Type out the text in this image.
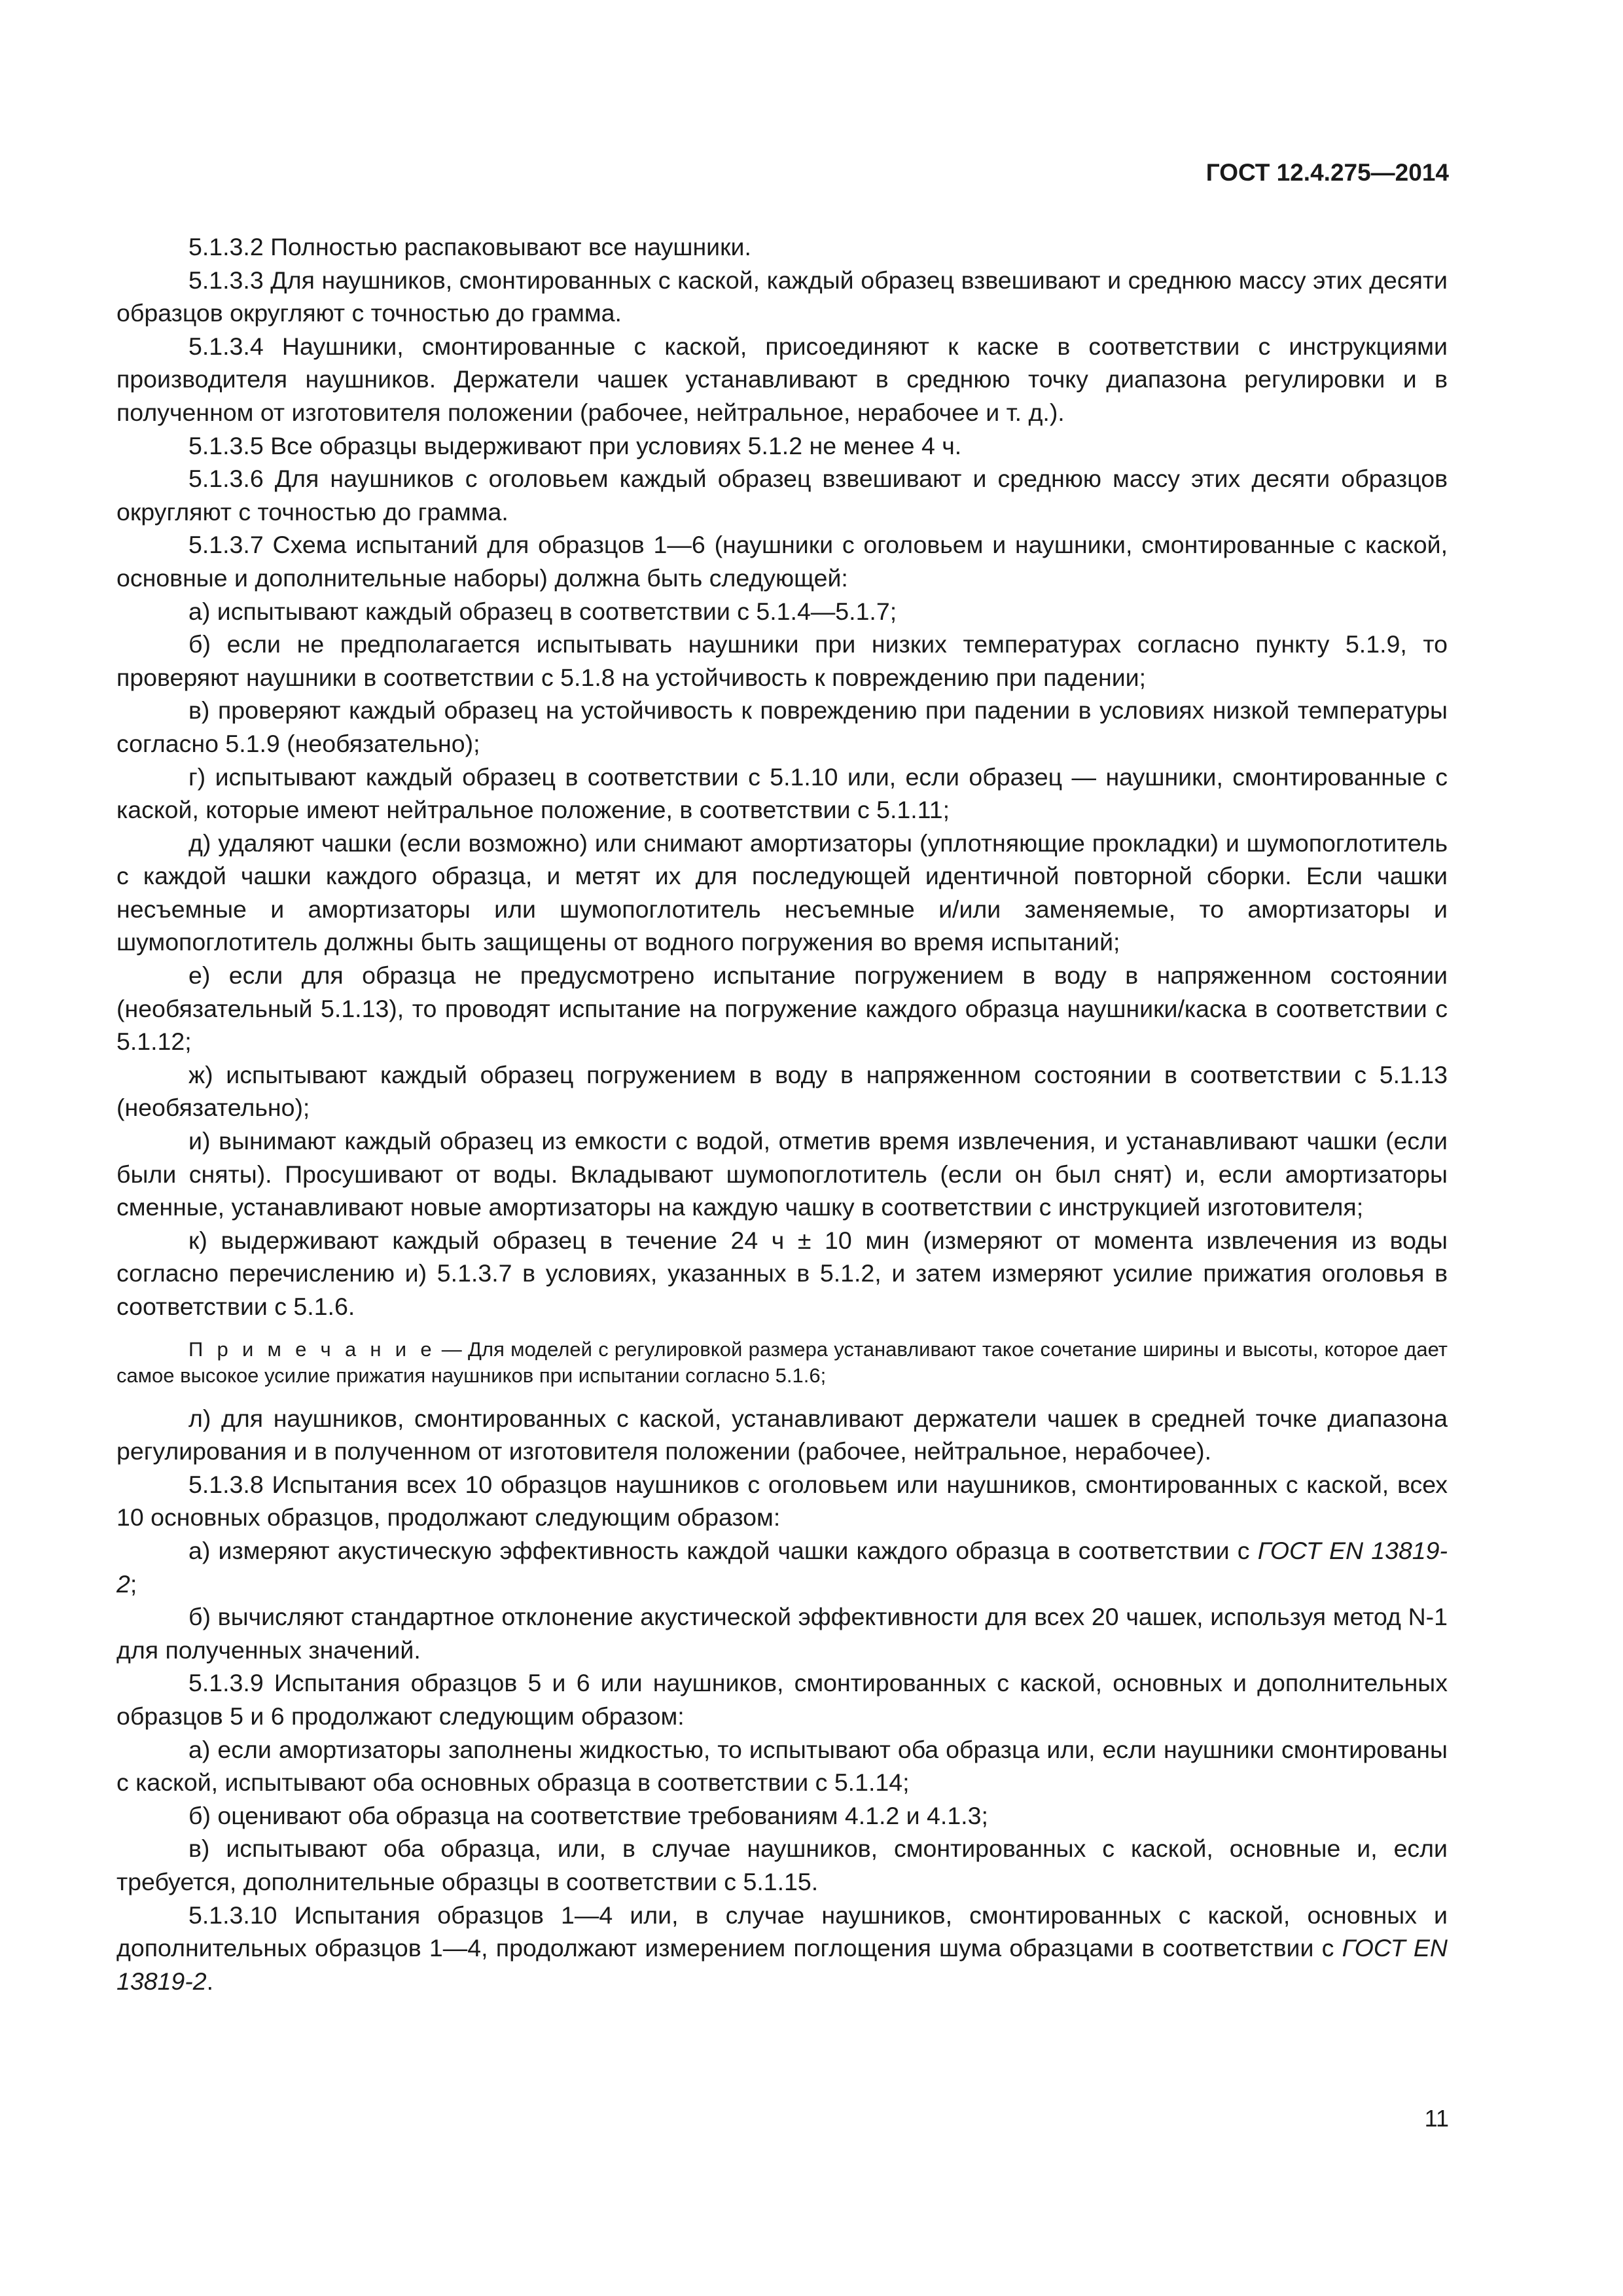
ГОСТ 12.4.275—2014

5.1.3.2 Полностью распаковывают все наушники.

5.1.3.3 Для наушников, смонтированных с каской, каждый образец взвешивают и среднюю массу этих десяти образцов округляют с точностью до грамма.

5.1.3.4 Наушники, смонтированные с каской, присоединяют к каске в соответствии с инструкциями производителя наушников. Держатели чашек устанавливают в среднюю точку диапазона регулировки и в полученном от изготовителя положении (рабочее, нейтральное, нерабочее и т. д.).

5.1.3.5 Все образцы выдерживают при условиях 5.1.2 не менее 4 ч.

5.1.3.6 Для наушников с оголовьем каждый образец взвешивают и среднюю массу этих десяти образцов округляют с точностью до грамма.

5.1.3.7 Схема испытаний для образцов 1—6 (наушники с оголовьем и наушники, смонтированные с каской, основные и дополнительные наборы) должна быть следующей:

а) испытывают каждый образец в соответствии с 5.1.4—5.1.7;

б) если не предполагается испытывать наушники при низких температурах согласно пункту 5.1.9, то проверяют наушники в соответствии с 5.1.8 на устойчивость к повреждению при падении;

в) проверяют каждый образец на устойчивость к повреждению при падении в условиях низкой температуры согласно 5.1.9 (необязательно);

г) испытывают каждый образец в соответствии с 5.1.10 или, если образец — наушники, смонтированные с каской, которые имеют нейтральное положение, в соответствии с 5.1.11;

д) удаляют чашки (если возможно) или снимают амортизаторы (уплотняющие прокладки) и шумопоглотитель с каждой чашки каждого образца, и метят их для последующей идентичной повторной сборки. Если чашки несъемные и амортизаторы или шумопоглотитель несъемные и/или заменяемые, то амортизаторы и шумопоглотитель должны быть защищены от водного погружения во время испытаний;

е) если для образца не предусмотрено испытание погружением в воду в напряженном состоянии (необязательный 5.1.13), то проводят испытание на погружение каждого образца наушники/каска в соответствии с 5.1.12;

ж) испытывают каждый образец погружением в воду в напряженном состоянии в соответствии с 5.1.13 (необязательно);

и) вынимают каждый образец из емкости с водой, отметив время извлечения, и устанавливают чашки (если были сняты). Просушивают от воды. Вкладывают шумопоглотитель (если он был снят) и, если амортизаторы сменные, устанавливают новые амортизаторы на каждую чашку в соответствии с инструкцией изготовителя;

к) выдерживают каждый образец в течение 24 ч ± 10 мин (измеряют от момента извлечения из воды согласно перечислению и) 5.1.3.7 в условиях, указанных в 5.1.2, и затем измеряют усилие прижатия оголовья в соответствии с 5.1.6.

П р и м е ч а н и е — Для моделей с регулировкой размера устанавливают такое сочетание ширины и высоты, которое дает самое высокое усилие прижатия наушников при испытании согласно 5.1.6;

л) для наушников, смонтированных с каской, устанавливают держатели чашек в средней точке диапазона регулирования и в полученном от изготовителя положении (рабочее, нейтральное, нерабочее).

5.1.3.8 Испытания всех 10 образцов наушников с оголовьем или наушников, смонтированных с каской, всех 10 основных образцов, продолжают следующим образом:

а) измеряют акустическую эффективность каждой чашки каждого образца в соответствии с ГОСТ EN 13819-2;

б) вычисляют стандартное отклонение акустической эффективности для всех 20 чашек, используя метод N-1 для полученных значений.

5.1.3.9 Испытания образцов 5 и 6 или наушников, смонтированных с каской, основных и дополнительных образцов 5 и 6 продолжают следующим образом:

а) если амортизаторы заполнены жидкостью, то испытывают оба образца или, если наушники смонтированы с каской, испытывают оба основных образца в соответствии с 5.1.14;

б) оценивают оба образца на соответствие требованиям 4.1.2 и 4.1.3;

в) испытывают оба образца, или, в случае наушников, смонтированных с каской, основные и, если требуется, дополнительные образцы в соответствии с 5.1.15.

5.1.3.10 Испытания образцов 1—4 или, в случае наушников, смонтированных с каской, основных и дополнительных образцов 1—4, продолжают измерением поглощения шума образцами в соответствии с ГОСТ EN 13819-2.

11
